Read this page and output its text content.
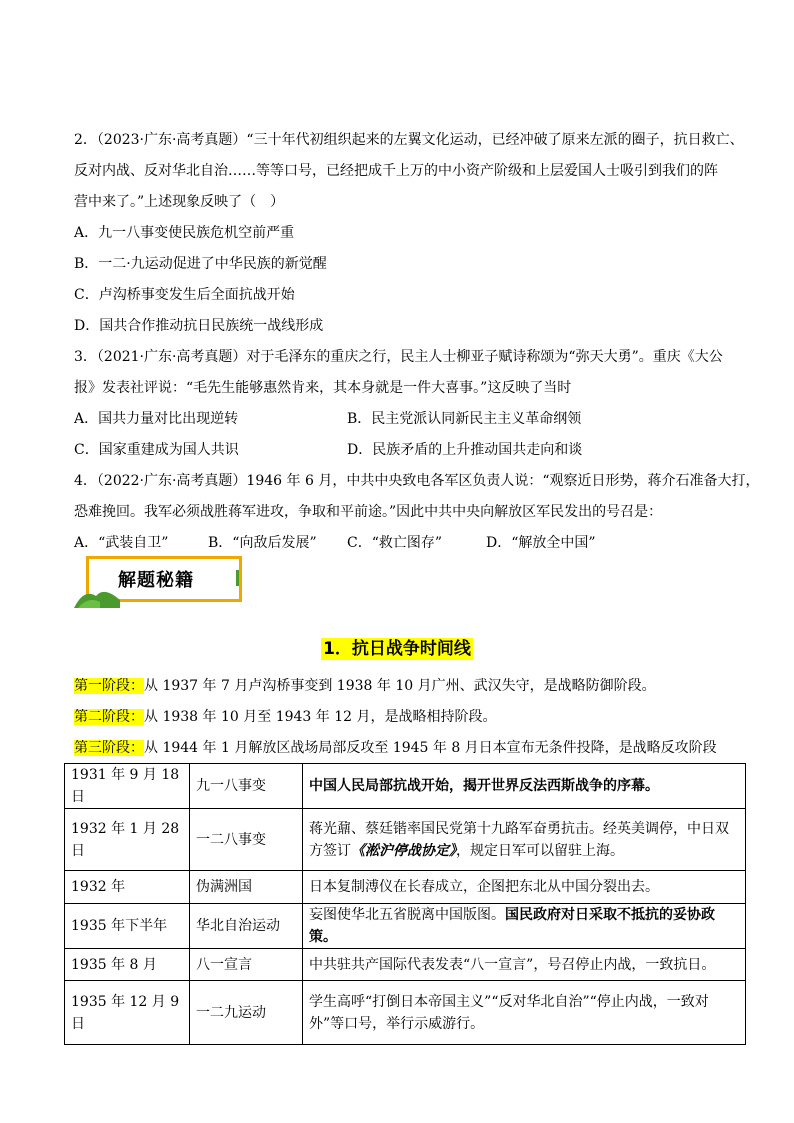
2．（2023·广东·高考真题）“三十年代初组织起来的左翼文化运动，已经冲破了原来左派的圈子，抗日救亡、
反对内战、反对华北自治……等等口号，已经把成千上万的中小资产阶级和上层爱国人士吸引到我们的阵
营中来了。”上述现象反映了（　）
A．九一八事变使民族危机空前严重
B．一二·九运动促进了中华民族的新觉醒
C．卢沟桥事变发生后全面抗战开始
D．国共合作推动抗日民族统一战线形成
3．（2021·广东·高考真题）对于毛泽东的重庆之行，民主人士柳亚子赋诗称颂为“弥天大勇”。重庆《大公
报》发表社评说：“毛先生能够惠然肯来，其本身就是一件大喜事。”这反映了当时
A．国共力量对比出现逆转	B．民主党派认同新民主主义革命纲领
C．国家重建成为国人共识	D．民族矛盾的上升推动国共走向和谈
4．（2022·广东·高考真题）1946 年 6 月，中共中央致电各军区负责人说：“观察近日形势，蒋介石准备大打，
恐难挽回。我军必须战胜蒋军进攻，争取和平前途。”因此中共中央向解放区军民发出的号召是：
A．“武装自卫”	B．“向敌后发展” C．“救亡图存”	D．“解放全中国”
解题秘籍
1．抗日战争时间线
第一阶段：从 1937 年 7 月卢沟桥事变到 1938 年 10 月广州、武汉失守，是战略防御阶段。
第二阶段：从 1938 年 10 月至 1943 年 12 月，是战略相持阶段。
第三阶段：从 1944 年 1 月解放区战场局部反攻至 1945 年 8 月日本宣布无条件投降，是战略反攻阶段
1931 年 9 月 18 日	九一八事变	中国人民局部抗战开始，揭开世界反法西斯战争的序幕。
1932 年 1 月 28 日	一二八事变	蒋光鼐、蔡廷锴率国民党第十九路军奋勇抗击。经英美调停，中日双方签订《淞沪停战协定》，规定日军可以留驻上海。
1932 年	伪满洲国	日本复制溥仪在长春成立，企图把东北从中国分裂出去。
1935 年下半年	华北自治运动	妄图使华北五省脱离中国版图。国民政府对日采取不抵抗的妥协政策。
1935 年 8 月	八一宣言	中共驻共产国际代表发表“八一宣言”，号召停止内战，一致抗日。
1935 年 12 月 9 日	一二九运动	学生高呼“打倒日本帝国主义”“反对华北自治”“停止内战，一致对外”等口号，举行示威游行。
